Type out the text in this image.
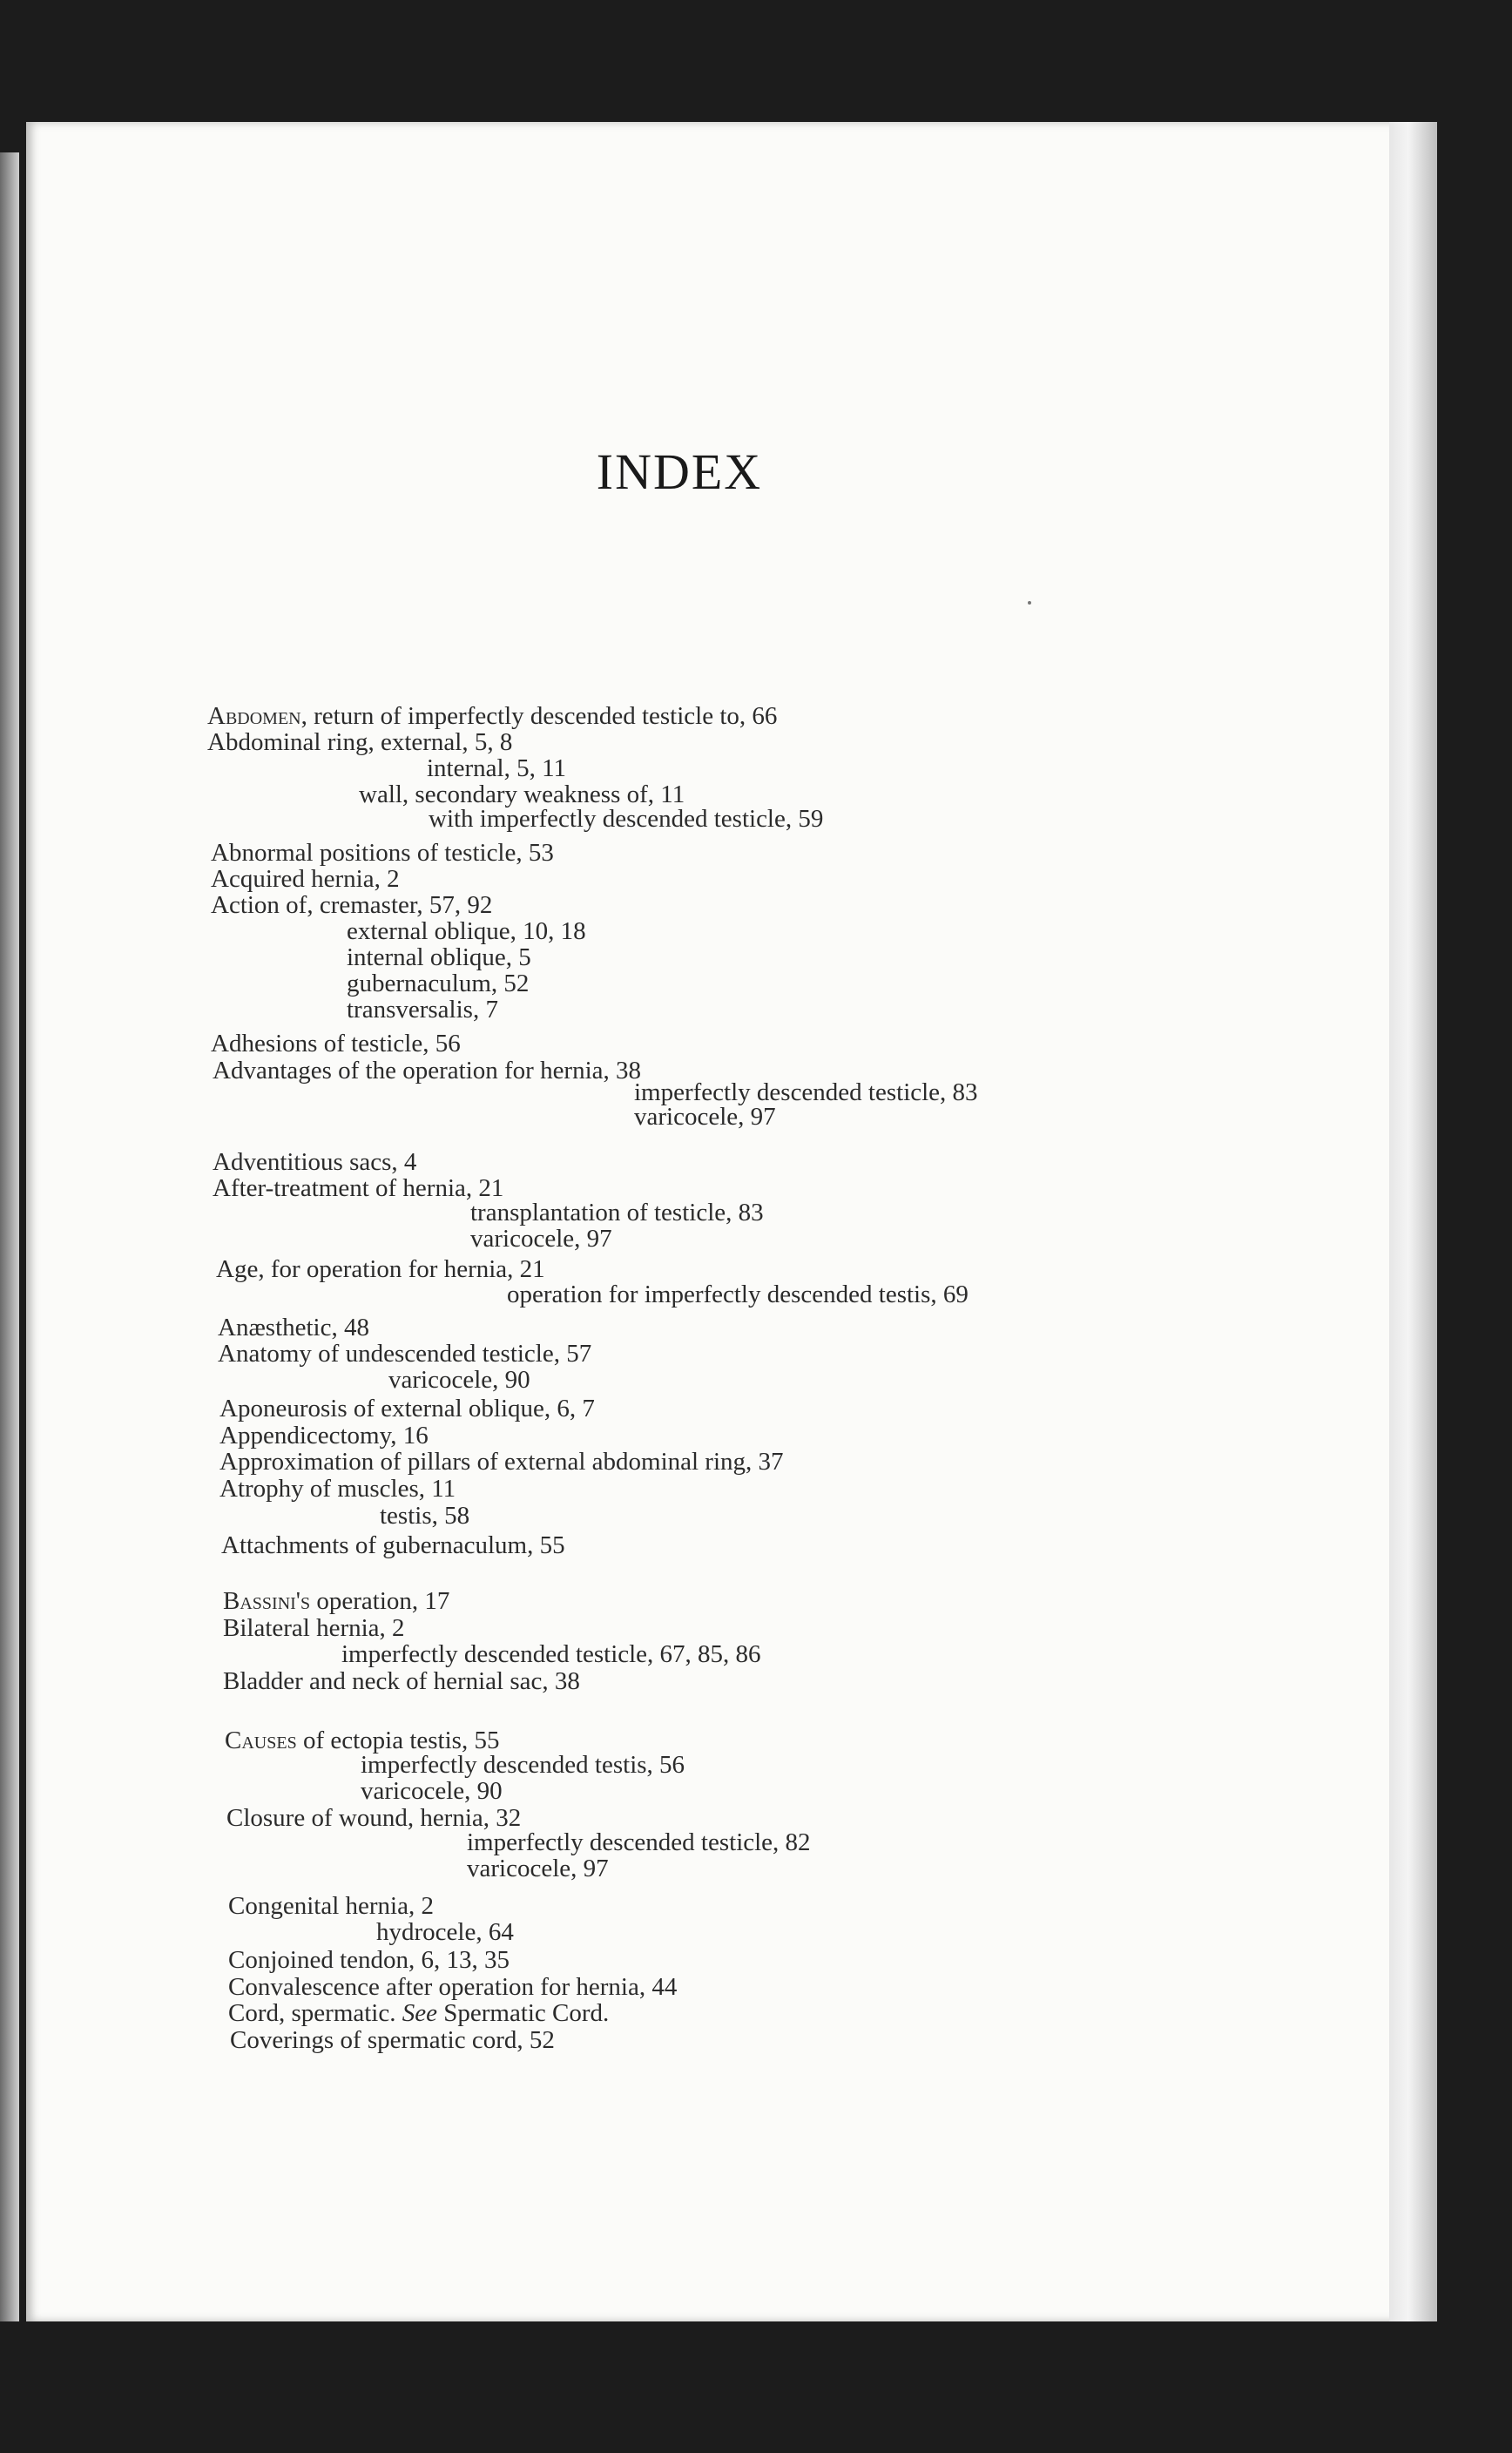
INDEX
Abdomen, return of imperfectly descended testicle to, 66
Abdominal ring, external, 5, 8
internal, 5, 11
wall, secondary weakness of, 11
with imperfectly descended testicle, 59
Abnormal positions of testicle, 53
Acquired hernia, 2
Action of, cremaster, 57, 92
external oblique, 10, 18
internal oblique, 5
gubernaculum, 52
transversalis, 7
Adhesions of testicle, 56
Advantages of the operation for hernia, 38
imperfectly descended testicle, 83
varicocele, 97
Adventitious sacs, 4
After-treatment of hernia, 21
transplantation of testicle, 83
varicocele, 97
Age, for operation for hernia, 21
operation for imperfectly descended testis, 69
Anæsthetic, 48
Anatomy of undescended testicle, 57
varicocele, 90
Aponeurosis of external oblique, 6, 7
Appendicectomy, 16
Approximation of pillars of external abdominal ring, 37
Atrophy of muscles, 11
testis, 58
Attachments of gubernaculum, 55
Bassini's operation, 17
Bilateral hernia, 2
imperfectly descended testicle, 67, 85, 86
Bladder and neck of hernial sac, 38
Causes of ectopia testis, 55
imperfectly descended testis, 56
varicocele, 90
Closure of wound, hernia, 32
imperfectly descended testicle, 82
varicocele, 97
Congenital hernia, 2
hydrocele, 64
Conjoined tendon, 6, 13, 35
Convalescence after operation for hernia, 44
Cord, spermatic. See Spermatic Cord.
Coverings of spermatic cord, 52
